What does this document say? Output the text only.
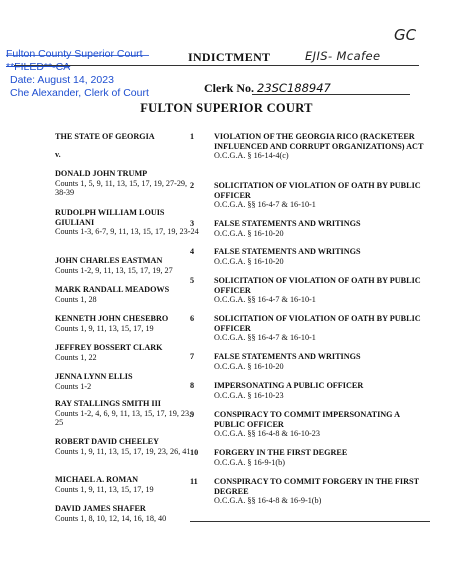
Fulton County Superior Court
**FILED**-CA
Date: August 14, 2023
Che Alexander, Clerk of Court
GC
INDICTMENT	EJIS- Mcafee
Clerk No. 23SC188947
FULTON SUPERIOR COURT
THE STATE OF GEORGIA
v.
DONALD JOHN TRUMP
Counts 1, 5, 9, 11, 13, 15, 17, 19, 27-29, 38-39
RUDOLPH WILLIAM LOUIS GIULIANI
Counts 1-3, 6-7, 9, 11, 13, 15, 17, 19, 23-24
JOHN CHARLES EASTMAN
Counts 1-2, 9, 11, 13, 15, 17, 19, 27
MARK RANDALL MEADOWS
Counts 1, 28
KENNETH JOHN CHESEBRO
Counts 1, 9, 11, 13, 15, 17, 19
JEFFREY BOSSERT CLARK
Counts 1, 22
JENNA LYNN ELLIS
Counts 1-2
RAY STALLINGS SMITH III
Counts 1-2, 4, 6, 9, 11, 13, 15, 17, 19, 23, 25
ROBERT DAVID CHEELEY
Counts 1, 9, 11, 13, 15, 17, 19, 23, 26, 41
MICHAEL A. ROMAN
Counts 1, 9, 11, 13, 15, 17, 19
DAVID JAMES SHAFER
Counts 1, 8, 10, 12, 14, 16, 18, 40
1	VIOLATION OF THE GEORGIA RICO (RACKETEER INFLUENCED AND CORRUPT ORGANIZATIONS) ACT
O.C.G.A. § 16-14-4(c)
2	SOLICITATION OF VIOLATION OF OATH BY PUBLIC OFFICER
O.C.G.A. §§ 16-4-7 & 16-10-1
3	FALSE STATEMENTS AND WRITINGS
O.C.G.A. § 16-10-20
4	FALSE STATEMENTS AND WRITINGS
O.C.G.A. § 16-10-20
5	SOLICITATION OF VIOLATION OF OATH BY PUBLIC OFFICER
O.C.G.A. §§ 16-4-7 & 16-10-1
6	SOLICITATION OF VIOLATION OF OATH BY PUBLIC OFFICER
O.C.G.A. §§ 16-4-7 & 16-10-1
7	FALSE STATEMENTS AND WRITINGS
O.C.G.A. § 16-10-20
8	IMPERSONATING A PUBLIC OFFICER
O.C.G.A. § 16-10-23
9	CONSPIRACY TO COMMIT IMPERSONATING A PUBLIC OFFICER
O.C.G.A. §§ 16-4-8 & 16-10-23
10	FORGERY IN THE FIRST DEGREE
O.C.G.A. § 16-9-1(b)
11	CONSPIRACY TO COMMIT FORGERY IN THE FIRST DEGREE
O.C.G.A. §§ 16-4-8 & 16-9-1(b)
